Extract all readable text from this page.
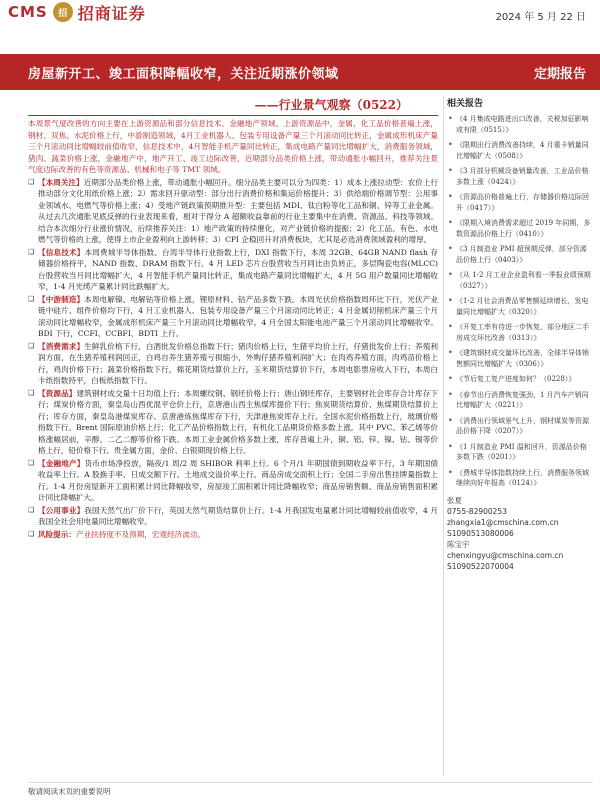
CMS	招 招商证券	2024 年 5 月 22 日
房屋新开工、竣工面积降幅收窄，关注近期涨价领域	定期报告
——行业景气观察（0522）

本周景气度改善的方向主要在上游资源品和部分信息技术、金融地产领域。上游资源品中，金属、化工品价格普遍上涨，钢材、双焦、水泥价格上行，中游制造领域，4月工业机器人、包装专用设备产量三个月滚动同比转正，金属成形机床产量三个月滚动同比增幅较前值收窄，信息技术中，4月智能手机产量同比转正，集成电路产量同比增幅扩大，消费服务领域，猪肉、蔬菜价格上涨，金融地产中，地产开工、竣工边际改善，近期部分品类价格上涨，带动通胀小幅回升，推荐关注景气度边际改善的有色等资源品、机械和电子等 TMT 领域。

❑ 【本周关注】近期部分品类价格上涨，带动通胀小幅回升。细分品类主要可以分为四类：1）成本上涨拉动型：农价上行推动部分文化用纸价格上涨；2）需求回升驱动型：部分出行消费价格和集运价格提升；3）供给端价格调节型：公用事业领域水、电燃气等价格上涨；4）受地产链政策预期推升型：主要包括 MDI、钛白粉等化工品和铜、锌等工业金属。从过去几次通胀见底反弹的行业表现来看，相对于得分 A 超额收益靠前的行业主要集中在消费、资源品、科技等领域。结合本次细分行业涨价情况，后续推荐关注：1）地产政策的持续催化，对产业链价格的提振；2）化工品、有色、水电燃气等价格的上涨，使得上市企业盈利向上游转移；3）CPI 企稳回升对消费板块，尤其是必选消费领域盈利的增厚。

❑ 【信息技术】本周费城半导体指数、台湾半导体行业指数上行，DXI 指数下行，本周 32GB、64GB NAND flash 存储器价格持平，NAND 指数、DRAM 指数下行。4 月 LED 芯片台股营收当月同比由负转正，多层陶瓷电容(MLCC)台股营收当月同比增幅扩大，4 月智能手机产量同比转正，集成电路产量同比增幅扩大，4 月 5G 用户数量同比增幅收窄，1-4 月光缆产量累计同比跌幅扩大。

❑ 【中游制造】本周电解镍、电解钴等价格上涨，锂原材料、钴产品多数下跌。本周光伏价格指数周环比下行，光伏产业链中硅片、组件价格均下行，4 月工业机器人、包装专用设备产量三个月滚动同比转正；4 月金属切削机床产量三个月滚动同比增幅收窄，金属成形机床产量三个月滚动同比增幅收窄。4 月全国太阳能电池产量三个月滚动同比增幅收窄。BDI 下行，CCFI、CCBFI、BDTI 上行。

❑ 【消费需求】生鲜乳价格下行，白酒批发价格总指数下行；猪肉价格上行，生猪平均价上行，仔猪批发价上行；养殖利润方面，在生猪养殖利润回正，白鸡自养生猪养殖亏损缩小，外购仔猪养殖利润扩大；在肉鸡养殖方面，肉鸡苗价格上行，鸡肉价格下行；蔬菜价格指数下行，棉花期货结算价上行，玉米期货结算价下行，本周电影票房收入下行，本周白卡纸指数持平，白板纸指数下行。

❑ 【资源品】建筑钢材成交量十日均值上行；本周螺纹钢、钢坯价格上行；唐山钢坯库存，主要钢材社会库存合计库存下行；煤炭价格方面，秦皇岛山西优混平仓价上行，京唐港山西主焦煤库提价下行；焦炭期货结算价、焦煤期货结算价上行；库存方面，秦皇岛港煤炭库存、京唐港炼焦煤库存下行，天津港焦炭库存上行。全国水泥价格指数上行，玻璃价格指数下行。Brent 国际原油价格上行；化工产品价格指数上行，有机化工品期货价格多数上涨。其中 PVC、苯乙烯等价格涨幅居前，辛醇、二乙二醇等价格下跌。本周工业金属价格多数上涨，库存普遍上升，铜、铝、锌、镍、钴、锡等价格上行，铅价格下行。贵金属方面，金价、白银期现价格上行。

❑ 【金融地产】货币市场净投放，隔夜/1 周/2 周 SHIBOR 利率上行。6 个月/1 年期国债到期收益率下行，3 年期国债收益率上行。A 股换手率、日成交额下行。土地成交溢价率上行、商品房成交面积上行；全国二手房出售挂牌量指数上行。1-4 月份房屋新开工面积累计同比降幅收窄，房屋竣工面积累计同比降幅收窄；商品房销售额、商品房销售面积累计同比降幅扩大。

❑ 【公用事业】我国天然气出厂价下行，英国天然气期货结算价上行。1-4 月我国发电量累计同比增幅较前值收窄，4 月我国全社会用电量同比增幅收窄。

❑ 风险提示：产业扶持度不及预期，宏观经济波动。

相关报告
• 《4 月集成电路进出口改善，关税加征影响或有限（0515）》
• 《限期出行消费改善持续，4 月重卡销量同比增幅扩大（0508）》
• 《3 月部分机械设备销量改善，工业品价格多数上涨（0424）》
• 《资源品价格普遍上行，存储器价格边际回升（0417）》
• 《限期入境消费需求超过 2019 年同期，多数资源品价格上行（0410）》
• 《3 月制造业 PMI 超预期反弹，部分资源品价格上行（0403）》
• 《从 1-2 月工业企业盈利看一季报业绩预期（0327）》
• 《1-2 月社会消费品零售额延续增长，发电量同比增幅扩大（0320）》
• 《开复工率有待进一步恢复，部分地区二手房成交环比改善（0313）》
• 《建筑钢材成交量环比改善，全球半导体销售额同比增幅扩大（0306）》
• 《节后复工复产进度如何？（0228）》
• 《春节出行消费恢复强劲，1 月汽车产销同比增幅扩大（0221）》
• 《消费出行领域景气上升，钢材煤炭等资源品价格下降（0207）》
• 《1 月制造业 PMI 温和回升，资源品价格多数下跌（0201）》
• 《费城半导体指数持续上行，消费服务领域继续向好年报高（0124）》
张夏
0755-82900253
zhangxia1@cmschina.com.cn
S1090513080006
陈宝宇
chenxingyu@cmschina.com.cn
S1090522070004
敬请阅读末页的重要说明
